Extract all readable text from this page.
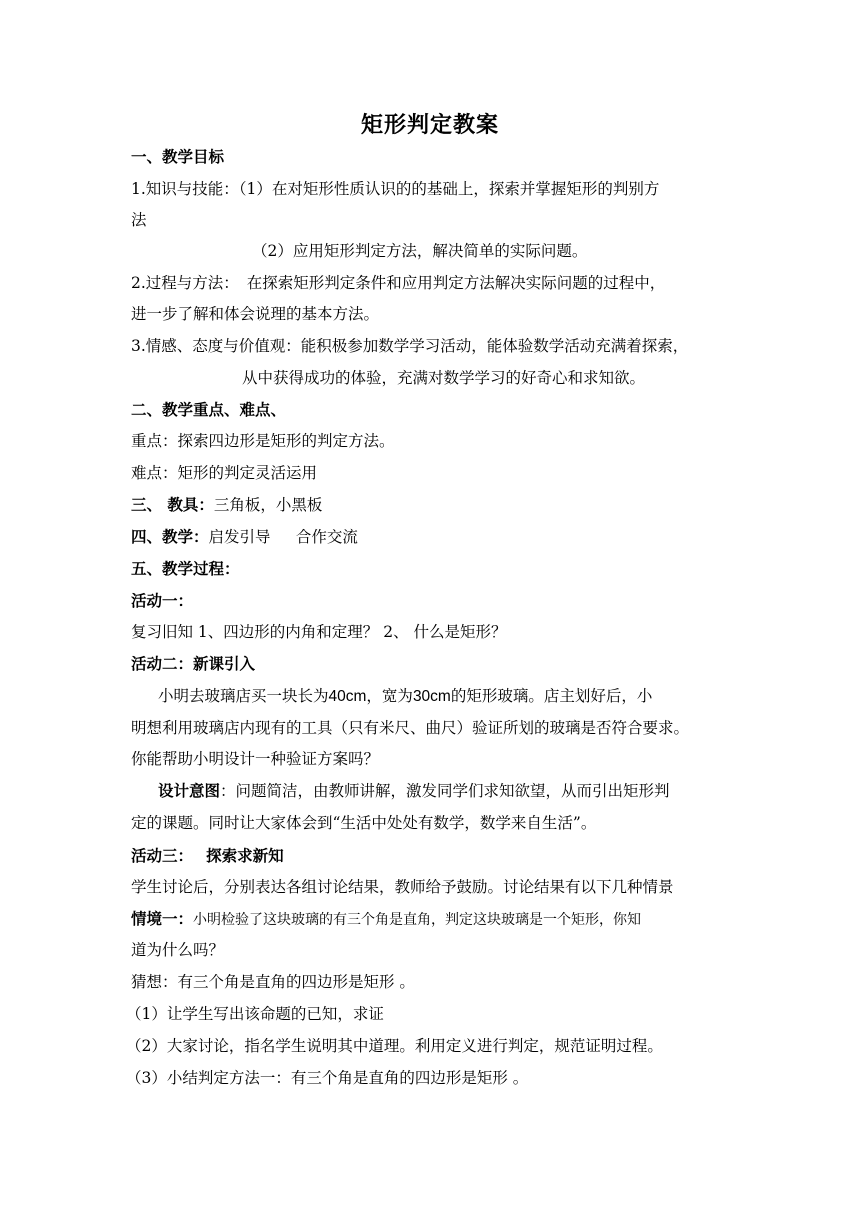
矩形判定教案
一、教学目标
1.知识与技能：（1）在对矩形性质认识的的基础上，探索并掌握矩形的判别方
法
（2）应用矩形判定方法，解决简单的实际问题。
2.过程与方法： 在探索矩形判定条件和应用判定方法解决实际问题的过程中，
进一步了解和体会说理的基本方法。
3.情感、态度与价值观：能积极参加数学学习活动，能体验数学活动充满着探索，
从中获得成功的体验，充满对数学学习的好奇心和求知欲。
二、教学重点、难点、
重点：探索四边形是矩形的判定方法。
难点：矩形的判定灵活运用
三、 教具：三角板，小黑板
四、教学：启发引导　  合作交流
五、教学过程：
活动一：
复习旧知 1、四边形的内角和定理？ 2、 什么是矩形？
活动二：新课引入
小明去玻璃店买一块长为40cm，宽为30cm的矩形玻璃。店主划好后，小
明想利用玻璃店内现有的工具（只有米尺、曲尺）验证所划的玻璃是否符合要求。
你能帮助小明设计一种验证方案吗？
设计意图：问题简洁，由教师讲解，激发同学们求知欲望，从而引出矩形判
定的课题。同时让大家体会到“生活中处处有数学，数学来自生活”。
活动三：　 探索求新知
学生讨论后，分别表达各组讨论结果，教师给予鼓励。讨论结果有以下几种情景
情境一：小明检验了这块玻璃的有三个角是直角，判定这块玻璃是一个矩形，你知
道为什么吗？
猜想：有三个角是直角的四边形是矩形 。
（1）让学生写出该命题的已知，求证
（2）大家讨论，指名学生说明其中道理。利用定义进行判定，规范证明过程。
（3）小结判定方法一：有三个角是直角的四边形是矩形 。
